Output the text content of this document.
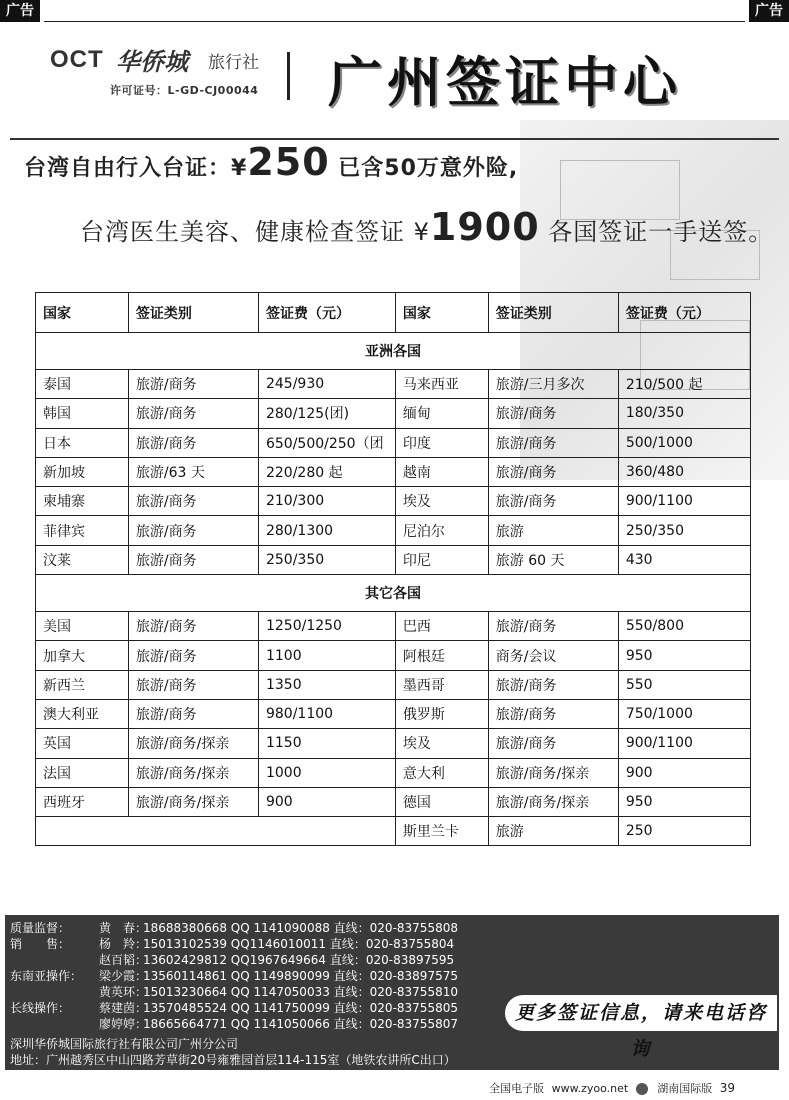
广告	广告
OCT 华侨城 旅行社
许可证号：L-GD-CJ00044 广州签证中心
台湾自由行入台证：¥250 已含50万意外险,
台湾医生美容、健康检查签证 ¥1900 各国签证一手送签。
国家	签证类别	签证费（元）	国家	签证类别	签证费（元）
亚洲各国					
泰国	旅游/商务	245/930	马来西亚	旅游/三月多次	210/500 起
韩国	旅游/商务	280/125(团)	缅甸	旅游/商务	180/350
日本	旅游/商务	650/500/250（团	印度	旅游/商务	500/1000
新加坡	旅游/63 天	220/280 起	越南	旅游/商务	360/480
柬埔寨	旅游/商务	210/300	埃及	旅游/商务	900/1100
菲律宾	旅游/商务	280/1300	尼泊尔	旅游	250/350
汶莱	旅游/商务	250/350	印尼	旅游 60 天	430
其它各国					
美国	旅游/商务	1250/1250	巴西	旅游/商务	550/800
加拿大	旅游/商务	1100	阿根廷	商务/会议	950
新西兰	旅游/商务	1350	墨西哥	旅游/商务	550
澳大利亚	旅游/商务	980/1100	俄罗斯	旅游/商务	750/1000
英国	旅游/商务/探亲	1150	埃及	旅游/商务	900/1100
法国	旅游/商务/探亲	1000	意大利	旅游/商务/探亲	900
西班牙	旅游/商务/探亲	900	德国	旅游/商务/探亲	950
			斯里兰卡	旅游	250
质量监督：	黄　春：
18688380668 QQ 1141090088 直线：020-83755808
销　　售：	杨　羚：
15013102539 QQ1146010011 直线：020-83755804
赵百韬：
13602429812 QQ1967649664 直线：020-83897595
东南亚操作：	梁少霞：
13560114861 QQ 1149890099 直线：020-83897575
黄英环：
15013230664 QQ 1147050033 直线：020-83755810
长线操作：	蔡建茵：
13570485524 QQ 1141750099 直线：020-83755805
廖婷婷：
18665664771 QQ 1141050066 直线：020-83755807
深圳华侨城国际旅行社有限公司广州分公司
地址：广州越秀区中山四路芳草街20号雍雅园首层114-115室（地铁农讲所C出口）
更多签证信息，请来电话咨询
全国电子版 www.zyoo.net	湖南国际版 39
